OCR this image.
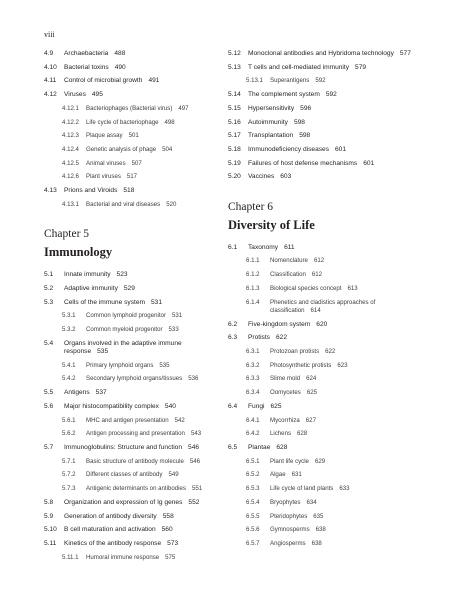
viii
4.9	Archaebacteria 488
4.10	Bacterial toxins 490
4.11	Control of microbial growth 491
4.12	Viruses 495
4.12.1	Bacteriophages (Bacterial virus) 497
4.12.2	Life cycle of bacteriophage 498
4.12.3	Plaque assay 501
4.12.4	Genetic analysis of phage 504
4.12.5	Animal viruses 507
4.12.6	Plant viruses 517
4.13	Prions and Viroids 518
4.13.1	Bacterial and viral diseases 520
Chapter 5
Immunology
5.1	Innate immunity 523
5.2	Adaptive immunity 529
5.3	Cells of the immune system 531
5.3.1	Common lymphoid progenitor 531
5.3.2	Common myeloid progenitor 533
5.4	Organs involved in the adaptive immune response 535
5.4.1	Primary lymphoid organs 535
5.4.2	Secondary lymphoid organs/tissues 536
5.5	Antigens 537
5.6	Major histocompatibility complex 540
5.6.1	MHC and antigen presentation 542
5.6.2	Antigen processing and presentation 543
5.7	Immunoglobulins: Structure and function 546
5.7.1	Basic structure of antibody molecule 546
5.7.2	Different classes of antibody 549
5.7.3	Antigenic determinants on antibodies 551
5.8	Organization and expression of Ig genes 552
5.9	Generation of antibody diversity 558
5.10	B cell maturation and activation 560
5.11	Kinetics of the antibody response 573
5.11.1	Humoral immune response 575
5.12	Monoclonal antibodies and Hybridoma technology 577
5.13	T cells and cell-mediated immunity 579
5.13.1	Superantigens 592
5.14	The complement system 592
5.15	Hypersensitivity 596
5.16	Autoimmunity 598
5.17	Transplantation 598
5.18	Immunodeficiency diseases 601
5.19	Failures of host defense mechanisms 601
5.20	Vaccines 603
Chapter 6
Diversity of Life
6.1	Taxonomy 611
6.1.1	Nomenclature 612
6.1.2	Classification 612
6.1.3	Biological species concept 613
6.1.4	Phenetics and cladistics approaches of classification 614
6.2	Five-kingdom system 620
6.3	Protists 622
6.3.1	Protozoan protists 622
6.3.2	Photosynthetic protists 623
6.3.3	Slime mold 624
6.3.4	Oomycetes 625
6.4	Fungi 625
6.4.1	Mycorrhiza 627
6.4.2	Lichens 628
6.5	Plantae 628
6.5.1	Plant life cycle 629
6.5.2	Algae 631
6.5.3	Life cycle of land plants 633
6.5.4	Bryophytes 634
6.5.5	Pteridophytes 635
6.5.6	Gymnosperms 638
6.5.7	Angiosperms 638
